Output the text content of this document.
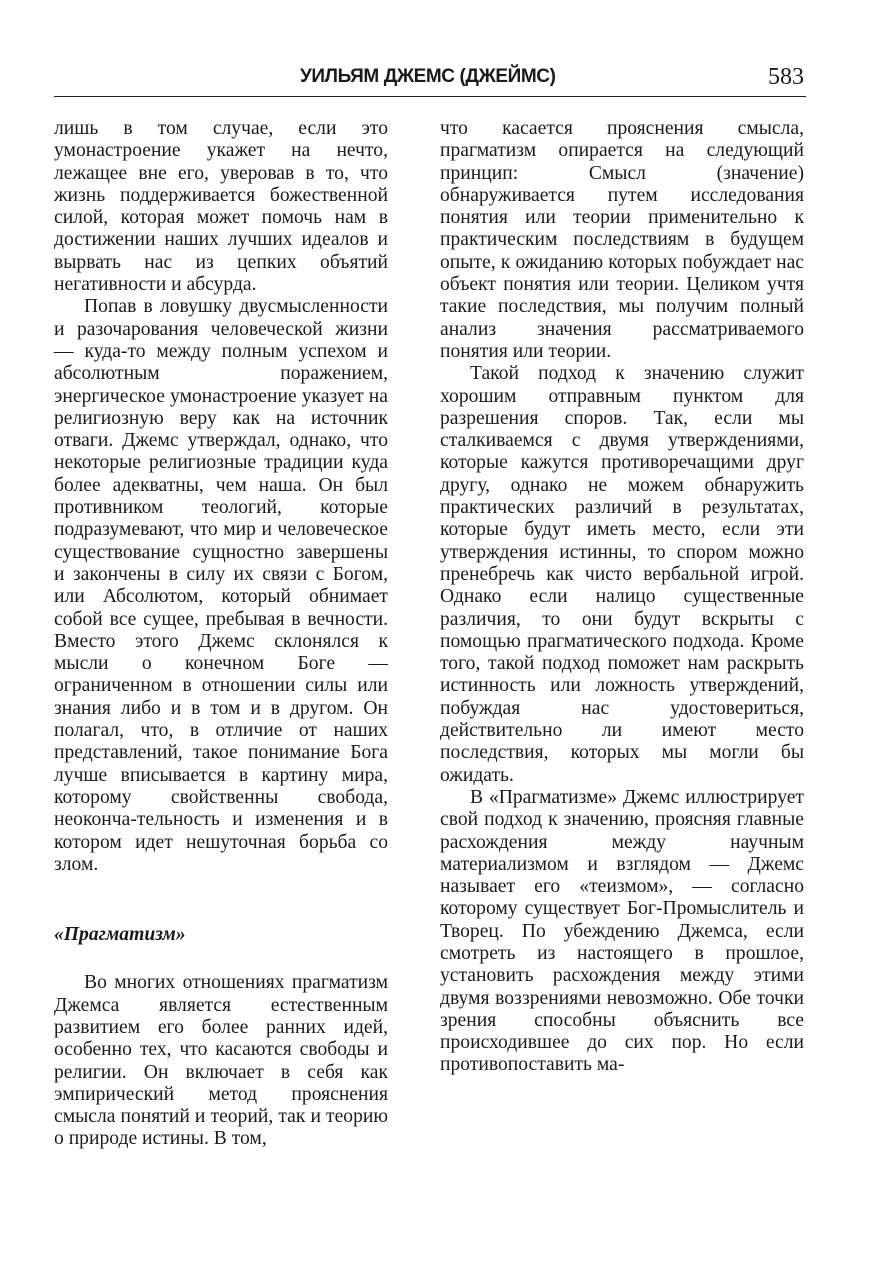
УИЛЬЯМ ДЖЕМС (ДЖЕЙМС)	583

лишь в том случае, если это умонастроение укажет на нечто, лежащее вне его, уверовав в то, что жизнь поддерживается божественной силой, которая может помочь нам в достижении наших лучших идеалов и вырвать нас из цепких объятий негативности и абсурда.

Попав в ловушку двусмысленности и разочарования человеческой жизни — куда-то между полным успехом и абсолютным поражением, энергическое умонастроение указует на религиозную веру как на источник отваги. Джемс утверждал, однако, что некоторые религиозные традиции куда более адекватны, чем наша. Он был противником теологий, которые подразумевают, что мир и человеческое существование сущностно завершены и закончены в силу их связи с Богом, или Абсолютом, который обнимает собой все сущее, пребывая в вечности. Вместо этого Джемс склонялся к мысли о конечном Боге — ограниченном в отношении силы или знания либо и в том и в другом. Он полагал, что, в отличие от наших представлений, такое понимание Бога лучше вписывается в картину мира, которому свойственны свобода, неоконча-тельность и изменения и в котором идет нешуточная борьба со злом.

«Прагматизм»

Во многих отношениях прагматизм Джемса является естественным развитием его более ранних идей, особенно тех, что касаются свободы и религии. Он включает в себя как эмпирический метод прояснения смысла понятий и теорий, так и теорию о природе истины. В том,

что касается прояснения смысла, прагматизм опирается на следующий принцип: Смысл (значение) обнаруживается путем исследования понятия или теории применительно к практическим последствиям в будущем опыте, к ожиданию которых побуждает нас объект понятия или теории. Целиком учтя такие последствия, мы получим полный анализ значения рассматриваемого понятия или теории.

Такой подход к значению служит хорошим отправным пунктом для разрешения споров. Так, если мы сталкиваемся с двумя утверждениями, которые кажутся противоречащими друг другу, однако не можем обнаружить практических различий в результатах, которые будут иметь место, если эти утверждения истинны, то спором можно пренебречь как чисто вербальной игрой. Однако если налицо существенные различия, то они будут вскрыты с помощью прагматического подхода. Кроме того, такой подход поможет нам раскрыть истинность или ложность утверждений, побуждая нас удостовериться, действительно ли имеют место последствия, которых мы могли бы ожидать.

В «Прагматизме» Джемс иллюстрирует свой подход к значению, проясняя главные расхождения между научным материализмом и взглядом — Джемс называет его «теизмом», — согласно которому существует Бог-Промыслитель и Творец. По убеждению Джемса, если смотреть из настоящего в прошлое, установить расхождения между этими двумя воззрениями невозможно. Обе точки зрения способны объяснить все происходившее до сих пор. Но если противопоставить ма-
